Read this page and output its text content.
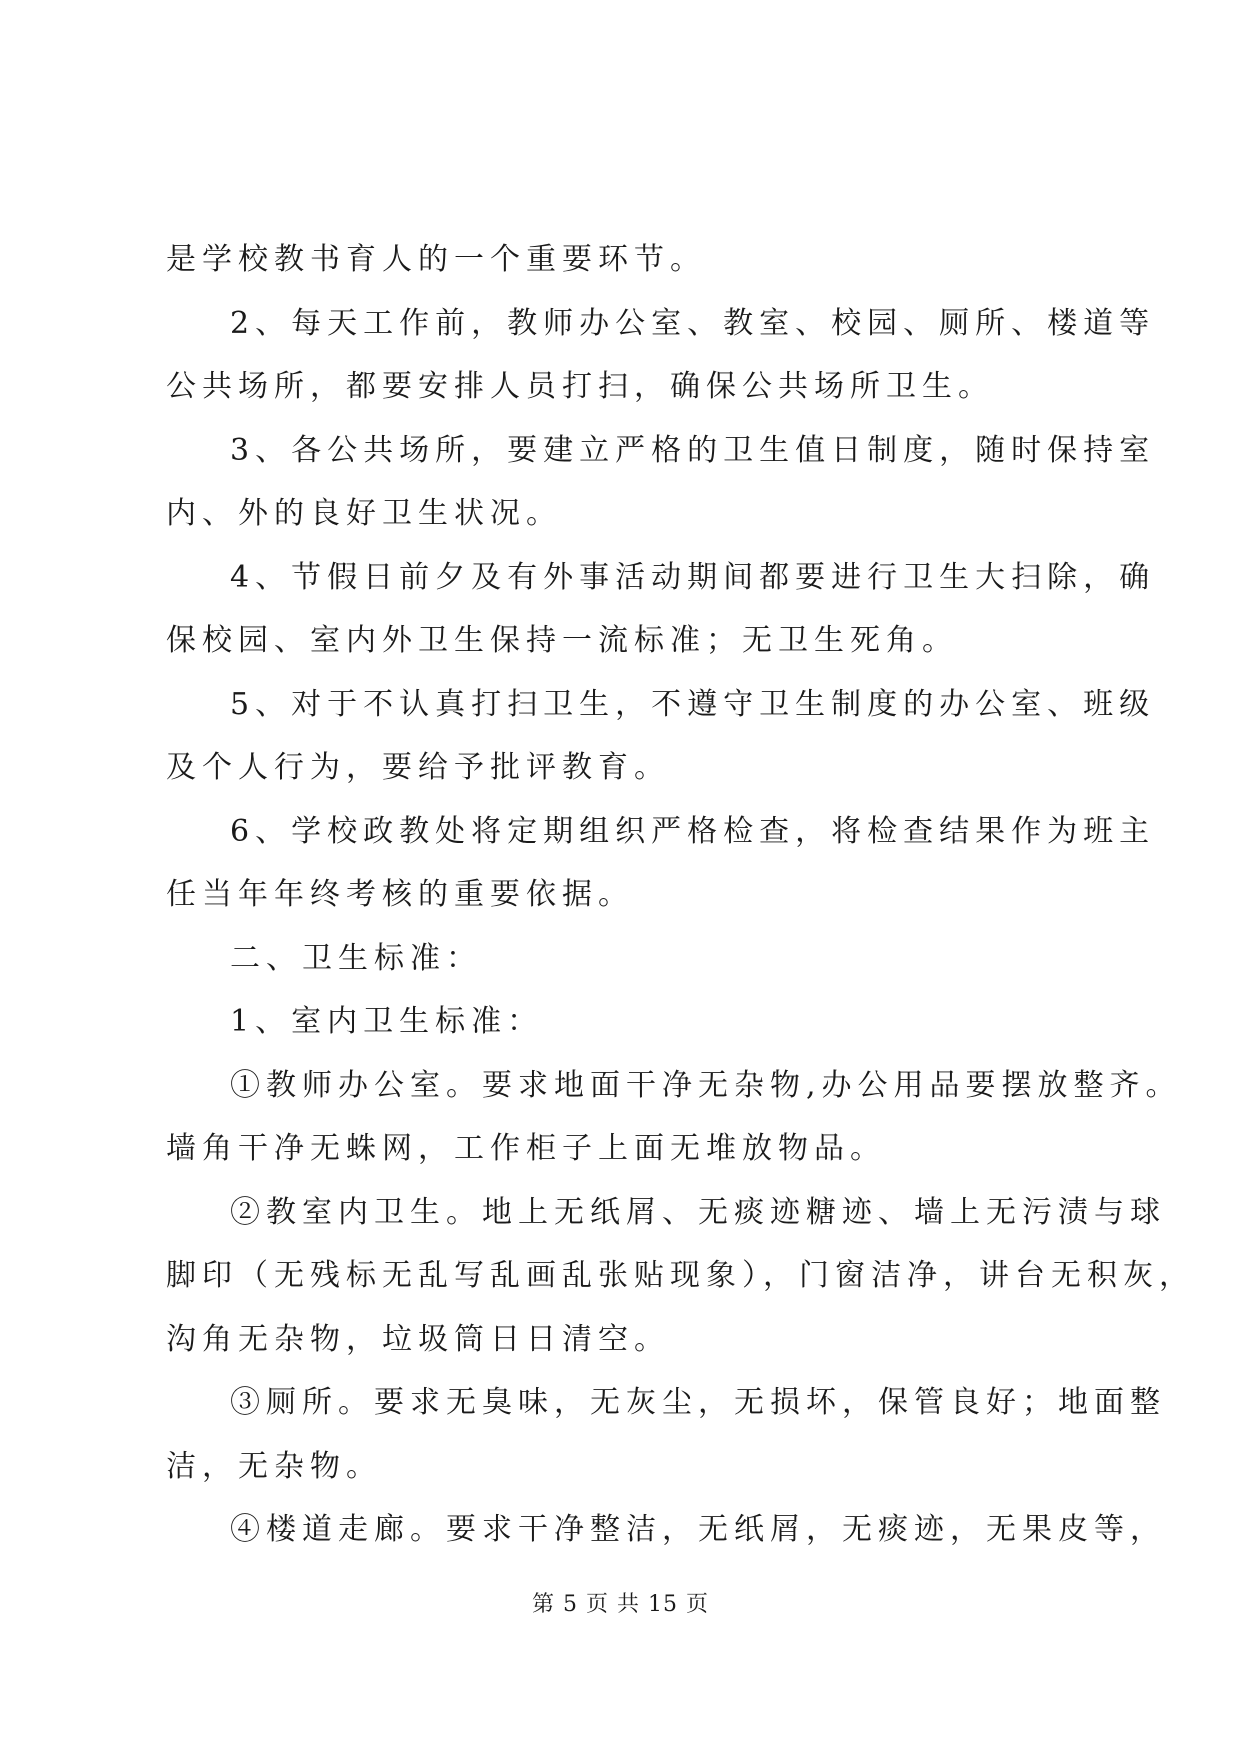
是学校教书育人的一个重要环节。
2、每天工作前，教师办公室、教室、校园、厕所、楼道等
公共场所，都要安排人员打扫，确保公共场所卫生。
3、各公共场所，要建立严格的卫生值日制度，随时保持室
内、外的良好卫生状况。
4、节假日前夕及有外事活动期间都要进行卫生大扫除，确
保校园、室内外卫生保持一流标准；无卫生死角。
5、对于不认真打扫卫生，不遵守卫生制度的办公室、班级
及个人行为，要给予批评教育。
6、学校政教处将定期组织严格检查，将检查结果作为班主
任当年年终考核的重要依据。
二、卫生标准：
1、室内卫生标准：
①教师办公室。要求地面干净无杂物,办公用品要摆放整齐。
墙角干净无蛛网，工作柜子上面无堆放物品。
②教室内卫生。地上无纸屑、无痰迹糖迹、墙上无污渍与球
脚印（无残标无乱写乱画乱张贴现象），门窗洁净，讲台无积灰，
沟角无杂物，垃圾筒日日清空。
③厕所。要求无臭味，无灰尘，无损坏，保管良好；地面整
洁，无杂物。
④楼道走廊。要求干净整洁，无纸屑，无痰迹，无果皮等，
第 5 页 共 15 页
